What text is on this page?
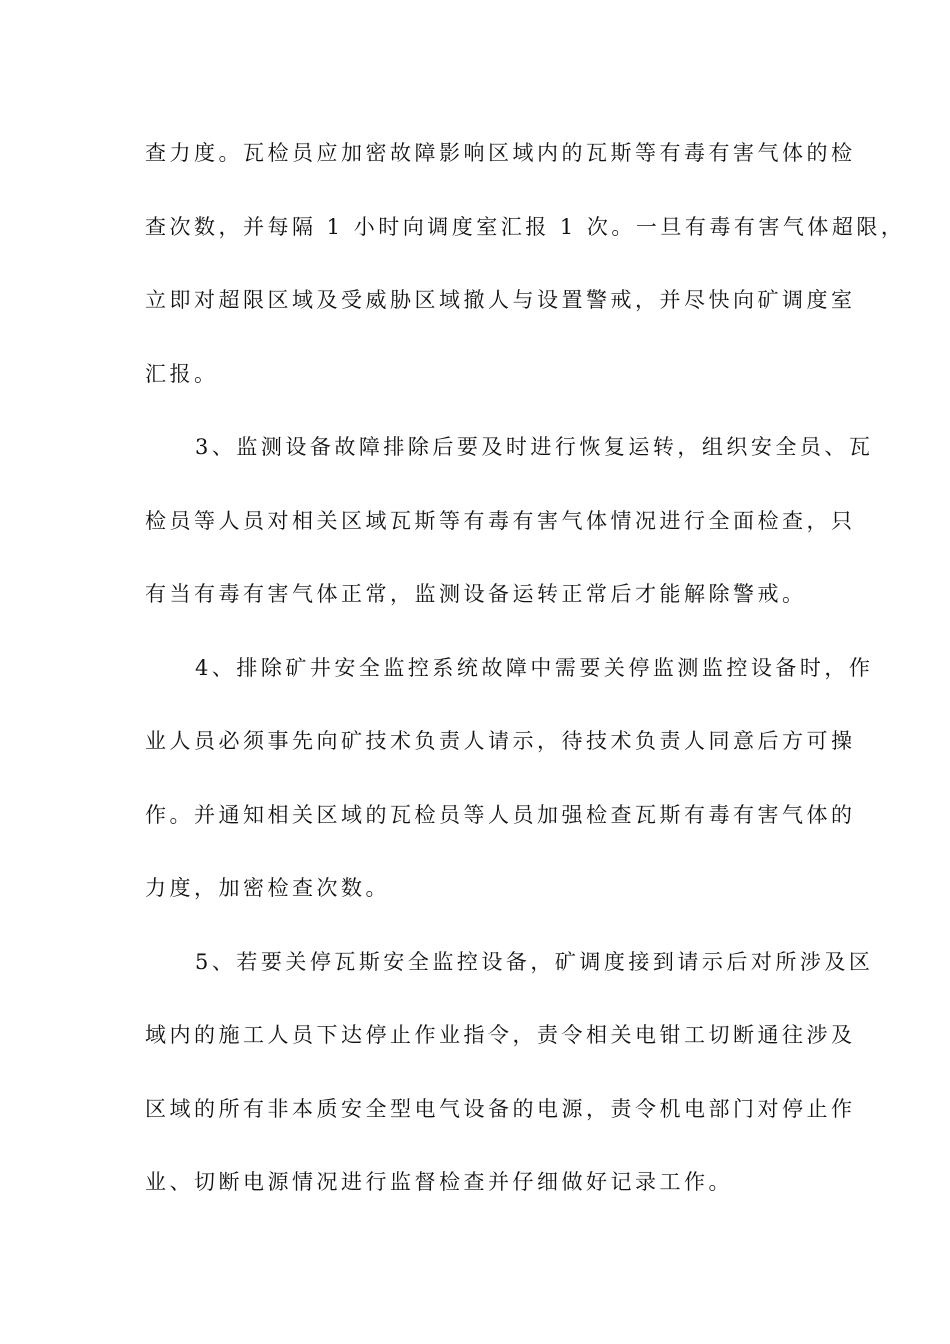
查力度。瓦检员应加密故障影响区域内的瓦斯等有毒有害气体的检
查次数，并每隔 1 小时向调度室汇报 1 次。一旦有毒有害气体超限，
立即对超限区域及受威胁区域撤人与设置警戒，并尽快向矿调度室
汇报。
3、监测设备故障排除后要及时进行恢复运转，组织安全员、瓦
检员等人员对相关区域瓦斯等有毒有害气体情况进行全面检查，只
有当有毒有害气体正常，监测设备运转正常后才能解除警戒。
4、排除矿井安全监控系统故障中需要关停监测监控设备时，作
业人员必须事先向矿技术负责人请示，待技术负责人同意后方可操
作。并通知相关区域的瓦检员等人员加强检查瓦斯有毒有害气体的
力度，加密检查次数。
5、若要关停瓦斯安全监控设备，矿调度接到请示后对所涉及区
域内的施工人员下达停止作业指令，责令相关电钳工切断通往涉及
区域的所有非本质安全型电气设备的电源，责令机电部门对停止作
业、切断电源情况进行监督检查并仔细做好记录工作。
